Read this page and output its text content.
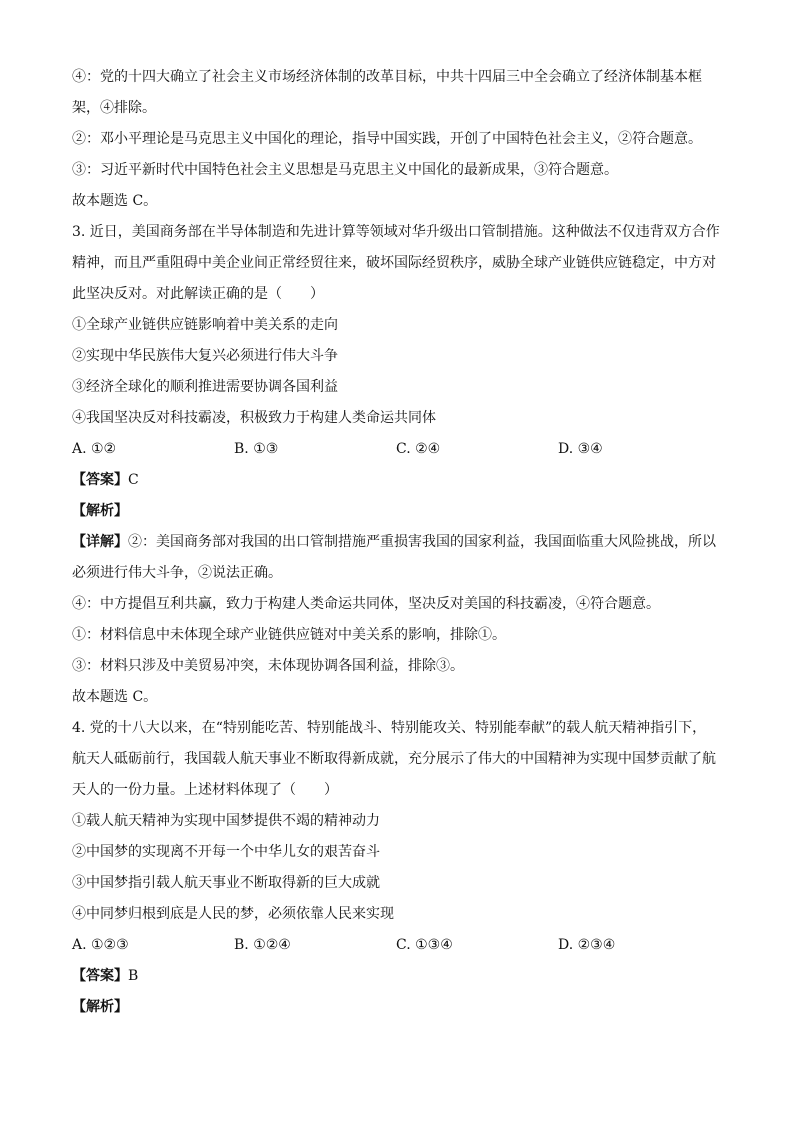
④：党的十四大确立了社会主义市场经济体制的改革目标，中共十四届三中全会确立了经济体制基本框
架，④排除。
②：邓小平理论是马克思主义中国化的理论，指导中国实践，开创了中国特色社会主义，②符合题意。
③：习近平新时代中国特色社会主义思想是马克思主义中国化的最新成果，③符合题意。
故本题选 C。
3. 近日，美国商务部在半导体制造和先进计算等领域对华升级出口管制措施。这种做法不仅违背双方合作
精神，而且严重阻碍中美企业间正常经贸往来，破坏国际经贸秩序，威胁全球产业链供应链稳定，中方对
此坚决反对。对此解读正确的是（　　）
①全球产业链供应链影响着中美关系的走向
②实现中华民族伟大复兴必须进行伟大斗争
③经济全球化的顺利推进需要协调各国利益
④我国坚决反对科技霸凌，积极致力于构建人类命运共同体
A. ①②	B. ①③	C. ②④	D. ③④
【答案】C
【解析】
【详解】②：美国商务部对我国的出口管制措施严重损害我国的国家利益，我国面临重大风险挑战，所以
必须进行伟大斗争，②说法正确。
④：中方提倡互利共赢，致力于构建人类命运共同体，坚决反对美国的科技霸凌，④符合题意。
①：材料信息中未体现全球产业链供应链对中美关系的影响，排除①。
③：材料只涉及中美贸易冲突，未体现协调各国利益，排除③。
故本题选 C。
4. 党的十八大以来，在“特别能吃苦、特别能战斗、特别能攻关、特别能奉献”的载人航天精神指引下，
航天人砥砺前行，我国载人航天事业不断取得新成就，充分展示了伟大的中国精神为实现中国梦贡献了航
天人的一份力量。上述材料体现了（　　）
①载人航天精神为实现中国梦提供不竭的精神动力
②中国梦的实现离不开每一个中华儿女的艰苦奋斗
③中国梦指引载人航天事业不断取得新的巨大成就
④中同梦归根到底是人民的梦，必须依靠人民来实现
A. ①②③	B. ①②④	C. ①③④	D. ②③④
【答案】B
【解析】
